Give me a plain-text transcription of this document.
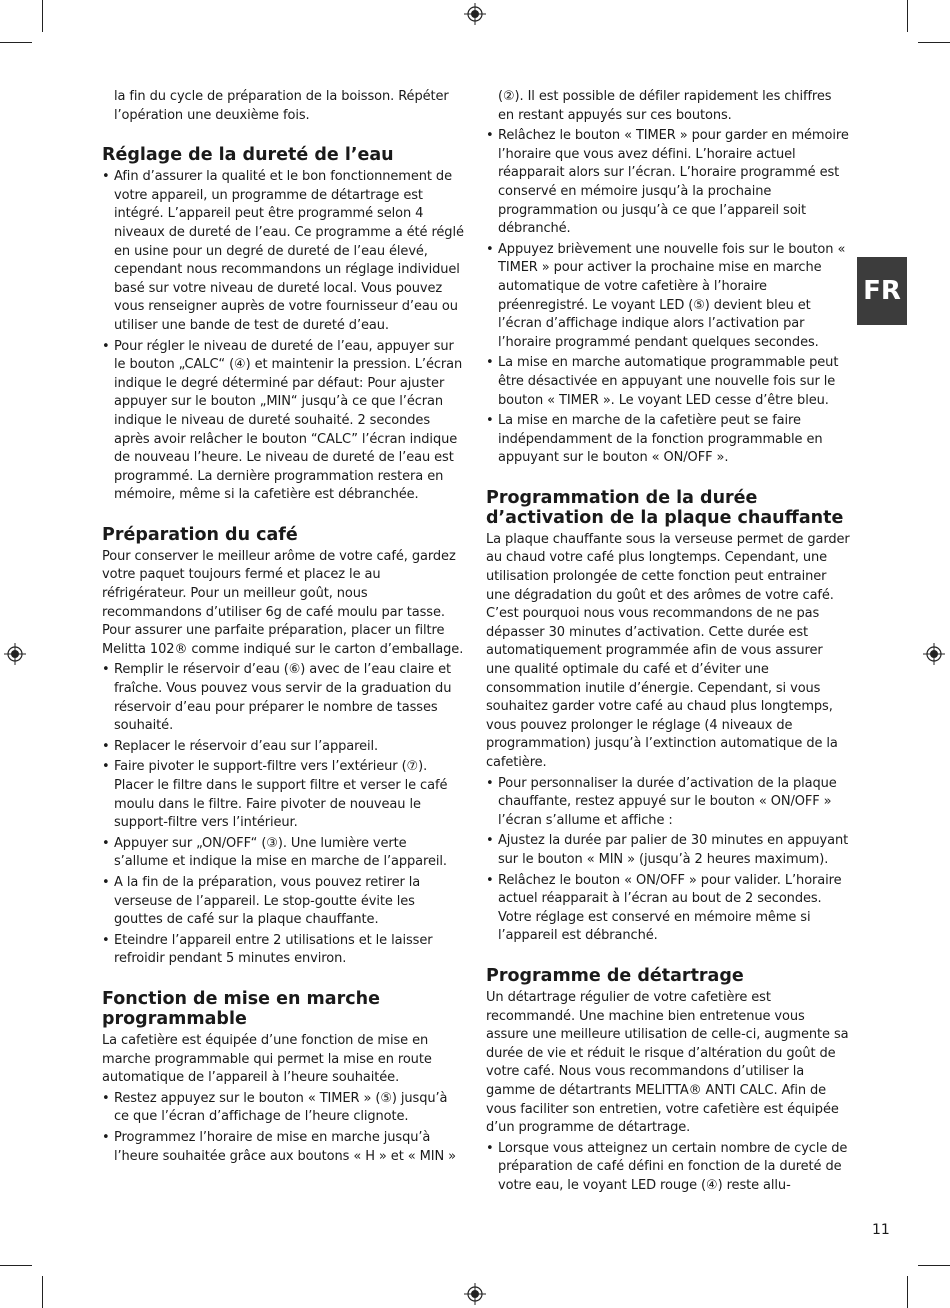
FR

la fin du cycle de préparation de la boisson. Répéter l’opération une deuxième fois.

Réglage de la dureté de l’eau

• Afin d’assurer la qualité et le bon fonctionnement de votre appareil, un programme de détartrage est intégré. L’appareil peut être programmé selon 4 niveaux de dureté de l’eau. Ce programme a été réglé en usine pour un degré de dureté de l’eau élevé, cependant nous recommandons un réglage individuel basé sur votre niveau de dureté local. Vous pouvez vous renseigner auprès de votre fournisseur d’eau ou utiliser une bande de test de dureté d’eau.

• Pour régler le niveau de dureté de l’eau, appuyer sur le bouton „CALC“ (④) et maintenir la pression. L’écran indique le degré déterminé par défaut: Pour ajuster appuyer sur le bouton „MIN“ jusqu’à ce que l’écran indique le niveau de dureté souhaité. 2 secondes après avoir relâcher le bouton “CALC” l’écran indique de nouveau l’heure. Le niveau de dureté de l’eau est programmé. La dernière programmation restera en mémoire, même si la cafetière est débranchée.

Préparation du café

Pour conserver le meilleur arôme de votre café, gardez votre paquet toujours fermé et placez le au réfrigérateur. Pour un meilleur goût, nous recommandons d’utiliser 6g de café moulu par tasse. Pour assurer une parfaite préparation, placer un filtre Melitta 102® comme indiqué sur le carton d’emballage.

• Remplir le réservoir d’eau (⑥) avec de l’eau claire et fraîche. Vous pouvez vous servir de la graduation du réservoir d’eau pour préparer le nombre de tasses souhaité.

• Replacer le réservoir d’eau sur l’appareil.

• Faire pivoter le support-filtre vers l’extérieur (⑦). Placer le filtre dans le support filtre et verser le café moulu dans le filtre. Faire pivoter de nouveau le support-filtre vers l’intérieur.

• Appuyer sur „ON/OFF“ (③). Une lumière verte s’allume et indique la mise en marche de l’appareil.

• A la fin de la préparation, vous pouvez retirer la verseuse de l’appareil. Le stop-goutte évite les gouttes de café sur la plaque chauffante.

• Eteindre l’appareil entre 2 utilisations et le laisser refroidir pendant 5 minutes environ.

Fonction de mise en marche programmable

La cafetière est équipée d’une fonction de mise en marche programmable qui permet la mise en route automatique de l’appareil à l’heure souhaitée.

• Restez appuyez sur le bouton « TIMER » (⑤) jusqu’à ce que l’écran d’affichage de l’heure clignote.

• Programmez l’horaire de mise en marche jusqu’à l’heure souhaitée grâce aux boutons « H » et « MIN »

(②). Il est possible de défiler rapidement les chiffres en restant appuyés sur ces boutons.

• Relâchez le bouton « TIMER » pour garder en mémoire l’horaire que vous avez défini. L’horaire actuel réapparait alors sur l’écran. L’horaire programmé est conservé en mémoire jusqu’à la prochaine programmation ou jusqu’à ce que l’appareil soit débranché.

• Appuyez brièvement une nouvelle fois sur le bouton « TIMER » pour activer la prochaine mise en marche automatique de votre cafetière à l’horaire préenregistré. Le voyant LED (⑤) devient bleu et l’écran d’affichage indique alors l’activation par l’horaire programmé pendant quelques secondes.

• La mise en marche automatique programmable peut être désactivée en appuyant une nouvelle fois sur le bouton « TIMER ». Le voyant LED cesse d’être bleu.

• La mise en marche de la cafetière peut se faire indépendamment de la fonction programmable en appuyant sur le bouton « ON/OFF ».

Programmation de la durée d’activation de la plaque chauffante

La plaque chauffante sous la verseuse permet de garder au chaud votre café plus longtemps. Cependant, une utilisation prolongée de cette fonction peut entrainer une dégradation du goût et des arômes de votre café. C’est pourquoi nous vous recommandons de ne pas dépasser 30 minutes d’activation. Cette durée est automatiquement programmée afin de vous assurer une qualité optimale du café et d’éviter une consommation inutile d’énergie. Cependant, si vous souhaitez garder votre café au chaud plus longtemps, vous pouvez prolonger le réglage (4 niveaux de programmation) jusqu’à l’extinction automatique de la cafetière.

• Pour personnaliser la durée d’activation de la plaque chauffante, restez appuyé sur le bouton « ON/OFF » l’écran s’allume et affiche :

• Ajustez la durée par palier de 30 minutes en appuyant sur le bouton « MIN » (jusqu’à 2 heures maximum).

• Relâchez le bouton « ON/OFF » pour valider. L’horaire actuel réapparait à l’écran au bout de 2 secondes. Votre réglage est conservé en mémoire même si l’appareil est débranché.

Programme de détartrage

Un détartrage régulier de votre cafetière est recommandé. Une machine bien entretenue vous assure une meilleure utilisation de celle-ci, augmente sa durée de vie et réduit le risque d’altération du goût de votre café. Nous vous recommandons d’utiliser la gamme de détartrants MELITTA® ANTI CALC. Afin de vous faciliter son entretien, votre cafetière est équipée d’un programme de détartrage.

• Lorsque vous atteignez un certain nombre de cycle de préparation de café défini en fonction de la dureté de votre eau, le voyant LED rouge (④) reste allu-

11
